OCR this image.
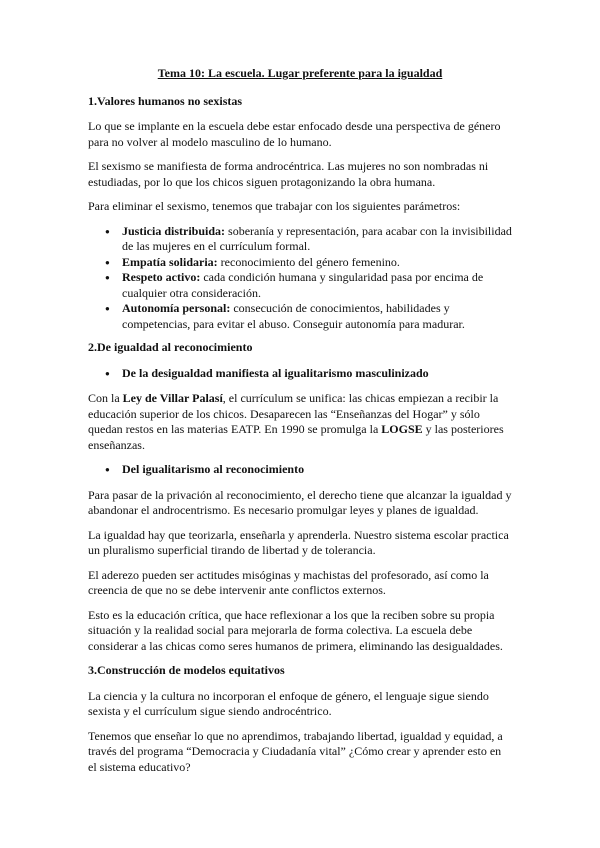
Tema 10: La escuela. Lugar preferente para la igualdad
1.Valores humanos no sexistas

Lo que se implante en la escuela debe estar enfocado desde una perspectiva de género para no volver al modelo masculino de lo humano.

El sexismo se manifiesta de forma androcéntrica. Las mujeres no son nombradas ni estudiadas, por lo que los chicos siguen protagonizando la obra humana.

Para eliminar el sexismo, tenemos que trabajar con los siguientes parámetros:

● Justicia distribuida: soberanía y representación, para acabar con la invisibilidad de las mujeres en el currículum formal.
● Empatía solidaria: reconocimiento del género femenino.
● Respeto activo: cada condición humana y singularidad pasa por encima de cualquier otra consideración.
● Autonomía personal: consecución de conocimientos, habilidades y competencias, para evitar el abuso. Conseguir autonomía para madurar.
2.De igualdad al reconocimiento
● De la desigualdad manifiesta al igualitarismo masculinizado

Con la Ley de Villar Palasí, el currículum se unifica: las chicas empiezan a recibir la educación superior de los chicos. Desaparecen las “Enseñanzas del Hogar” y sólo quedan restos en las materias EATP. En 1990 se promulga la LOGSE y las posteriores enseñanzas.

● Del igualitarismo al reconocimiento

Para pasar de la privación al reconocimiento, el derecho tiene que alcanzar la igualdad y abandonar el androcentrismo. Es necesario promulgar leyes y planes de igualdad.

La igualdad hay que teorizarla, enseñarla y aprenderla. Nuestro sistema escolar practica un pluralismo superficial tirando de libertad y de tolerancia.

El aderezo pueden ser actitudes misóginas y machistas del profesorado, así como la creencia de que no se debe intervenir ante conflictos externos.

Esto es la educación crítica, que hace reflexionar a los que la reciben sobre su propia situación y la realidad social para mejorarla de forma colectiva. La escuela debe considerar a las chicas como seres humanos de primera, eliminando las desigualdades.

3.Construcción de modelos equitativos

La ciencia y la cultura no incorporan el enfoque de género, el lenguaje sigue siendo sexista y el currículum sigue siendo androcéntrico.

Tenemos que enseñar lo que no aprendimos, trabajando libertad, igualdad y equidad, a través del programa “Democracia y Ciudadanía vital” ¿Cómo crear y aprender esto en el sistema educativo?
